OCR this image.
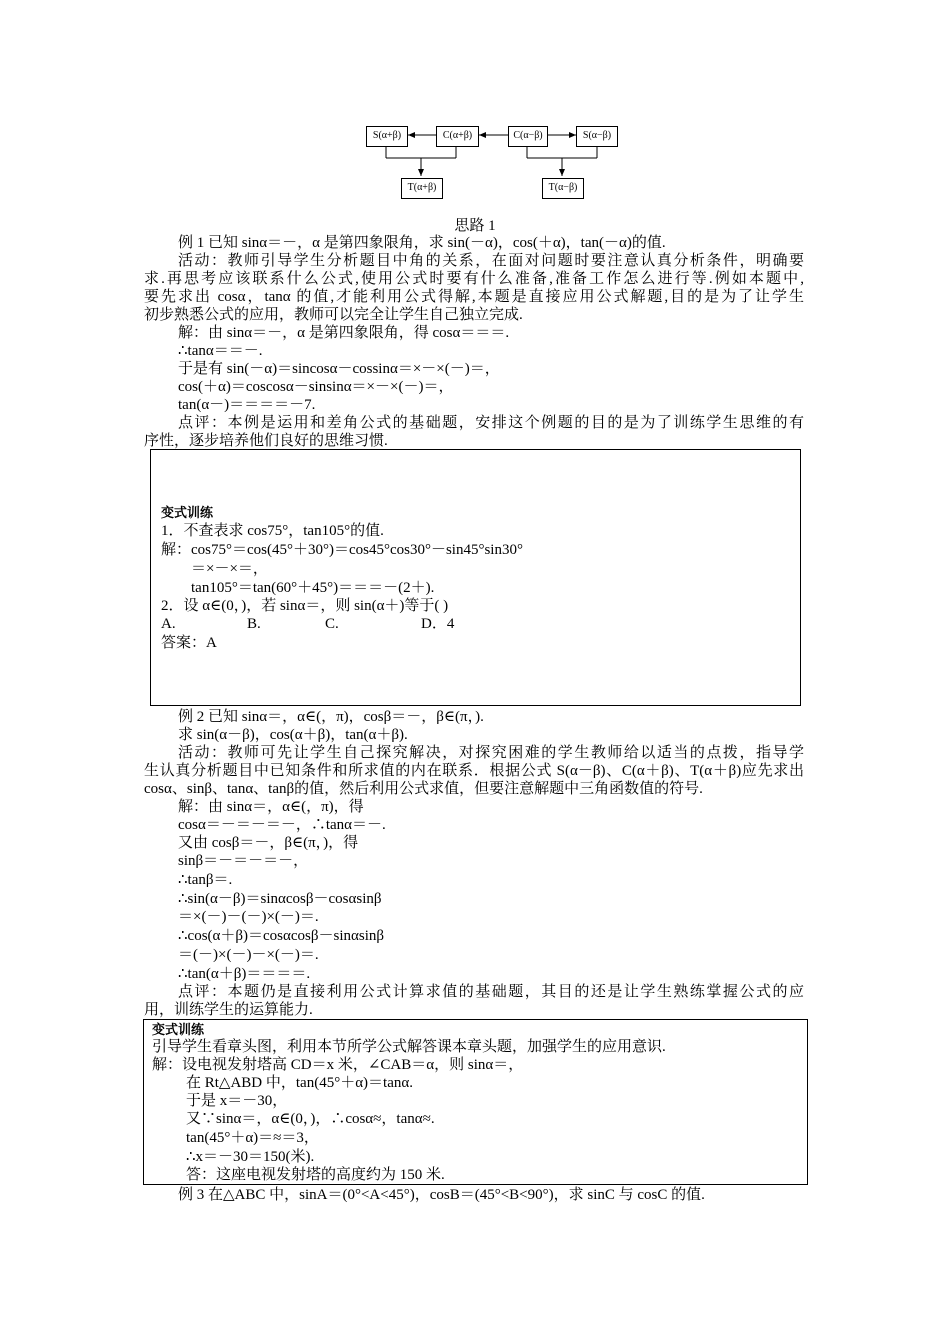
S(α+β)	C(α+β)	C(α−β)	S(α−β)
T(α+β)	T(α−β)
思路 1
例 1 已知 sinα＝－，α 是第四象限角，求 sin(－α)，cos(＋α)，tan(－α)的值.
活动：教师引导学生分析题目中角的关系，在面对问题时要注意认真分析条件，明确要
求.再思考应该联系什么公式,使用公式时要有什么准备,准备工作怎么进行等.例如本题中,
要先求出 cosα，tanα 的值,才能利用公式得解,本题是直接应用公式解题,目的是为了让学生
初步熟悉公式的应用，教师可以完全让学生自己独立完成.
解：由 sinα＝－，α 是第四象限角，得 cosα＝＝＝.
∴tanα＝＝－.
于是有 sin(－α)＝sincosα－cossinα＝×－×(－)＝，
cos(＋α)＝coscosα－sinsinα＝×－×(－)＝，
tan(α－)＝＝＝＝－7.
点评：本例是运用和差角公式的基础题，安排这个例题的目的是为了训练学生思维的有
序性，逐步培养他们良好的思维习惯.
变式训练
1．不查表求 cos75°，tan105°的值.
解：cos75°＝cos(45°＋30°)＝cos45°cos30°－sin45°sin30°
＝×－×＝，
tan105°＝tan(60°＋45°)＝＝＝－(2＋).
2．设 α∈(0，)，若 sinα＝，则 sin(α＋)等于( )
A.	B.	C.	D．4
答案：A
例 2 已知 sinα＝，α∈(，π)，cosβ＝－，β∈(π，).
求 sin(α－β)，cos(α＋β)，tan(α＋β).
活动：教师可先让学生自己探究解决，对探究困难的学生教师给以适当的点拨，指导学
生认真分析题目中已知条件和所求值的内在联系．根据公式 S(α－β)、C(α＋β)、T(α＋β)应先求出
cosα、sinβ、tanα、tanβ的值，然后利用公式求值，但要注意解题中三角函数值的符号.
解：由 sinα＝，α∈(，π)，得
cosα＝－＝－＝－，∴tanα＝－.
又由 cosβ＝－，β∈(π，)，得
sinβ＝－＝－＝－，
∴tanβ＝.
∴sin(α－β)＝sinαcosβ－cosαsinβ
＝×(－)－(－)×(－)＝.
∴cos(α＋β)＝cosαcosβ－sinαsinβ
＝(－)×(－)－×(－)＝.
∴tan(α＋β)＝＝＝＝.
点评：本题仍是直接利用公式计算求值的基础题，其目的还是让学生熟练掌握公式的应
用，训练学生的运算能力.
变式训练
引导学生看章头图，利用本节所学公式解答课本章头题，加强学生的应用意识.
解：设电视发射塔高 CD＝x 米，∠CAB＝α，则 sinα＝，
在 Rt△ABD 中，tan(45°＋α)＝tanα.
于是 x＝－30，
又∵sinα＝，α∈(0，)，∴cosα≈，tanα≈.
tan(45°＋α)＝≈＝3，
∴x＝－30＝150(米).
答：这座电视发射塔的高度约为 150 米.
例 3 在△ABC 中，sinA＝(0°<A<45°)，cosB＝(45°<B<90°)，求 sinC 与 cosC 的值.
